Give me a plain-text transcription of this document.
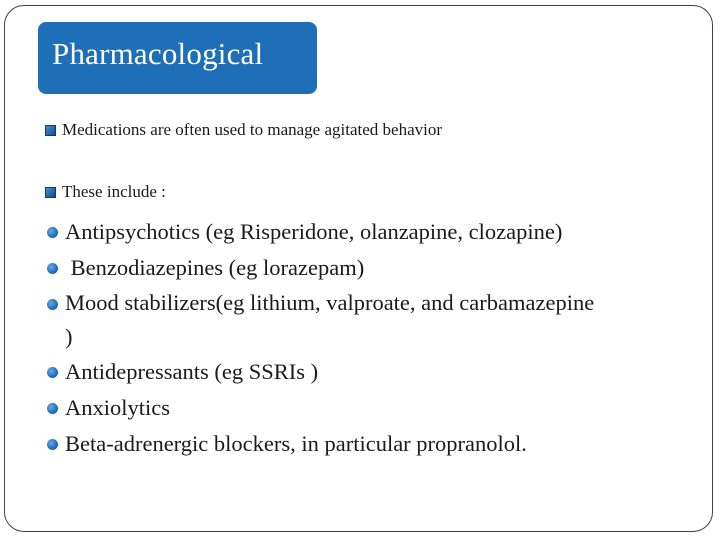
Pharmacological
Medications are often used to manage agitated behavior
These include :
Antipsychotics (eg Risperidone, olanzapine, clozapine)
Benzodiazepines (eg lorazepam)
Mood stabilizers(eg lithium, valproate, and carbamazepine )
Antidepressants (eg SSRIs )
Anxiolytics
Beta-adrenergic blockers, in particular propranolol.
